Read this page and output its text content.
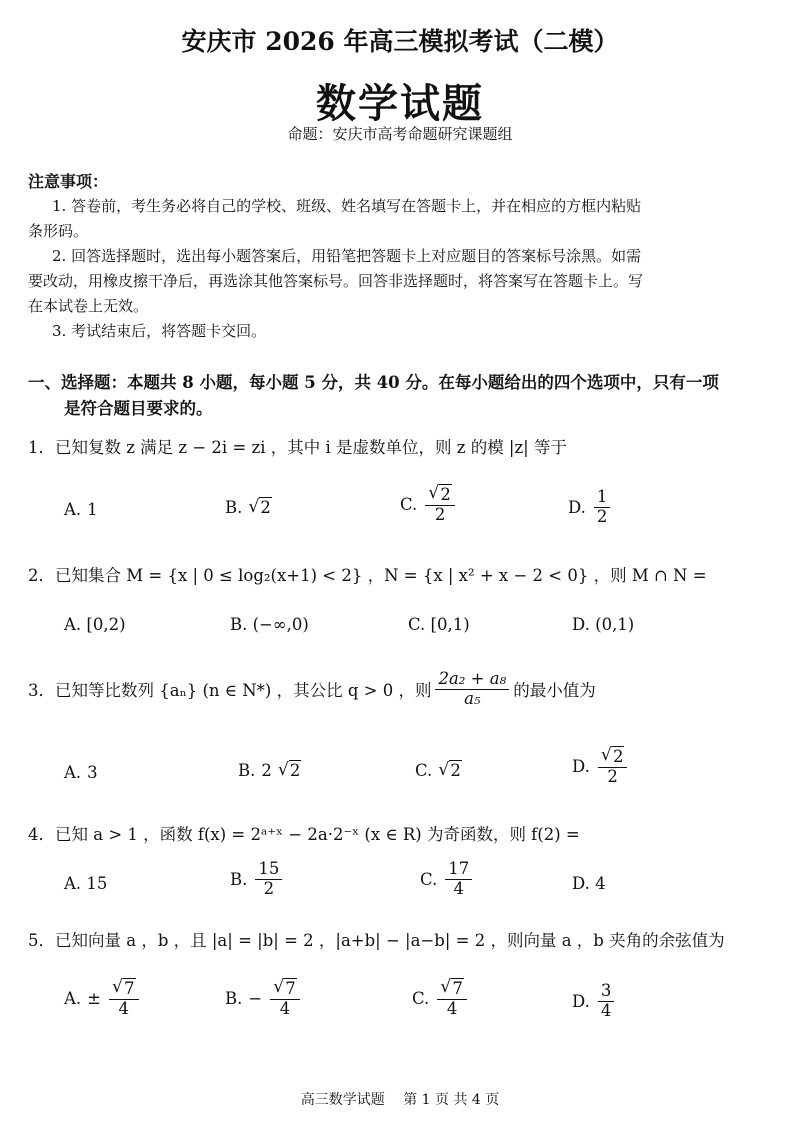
安庆市 2026 年高三模拟考试（二模）
数学试题
命题：安庆市高考命题研究课题组
注意事项：
1. 答卷前，考生务必将自己的学校、班级、姓名填写在答题卡上，并在相应的方框内粘贴
条形码。
2. 回答选择题时，选出每小题答案后，用铅笔把答题卡上对应题目的答案标号涂黑。如需
要改动，用橡皮擦干净后，再选涂其他答案标号。回答非选择题时，将答案写在答题卡上。写
在本试卷上无效。
3. 考试结束后，将答题卡交回。
一、选择题：本题共 8 小题，每小题 5 分，共 40 分。在每小题给出的四个选项中，只有一项
是符合题目要求的。
1．已知复数 z 满足 z − 2i = zi ，其中 i 是虚数单位，则 z 的模 |z| 等于
A. 1	B. √ 2	C. $\frac{√ 2}{2}$	D. $\frac{1}{2}$
2．已知集合 M = {x | 0 ≤ log₂(x+1) < 2} ，N = {x | x² + x − 2 < 0} ，则 M ∩ N =
A. [0,2)	B. (−∞,0)	C. [0,1)	D. (0,1)
3．已知等比数列 {aₙ} (n ∈ N*) ，其公比 q > 0 ，则 $\frac{\text{2a₂ + a₈}}{\text{a₅}}$ 的最小值为
A. 3	B. 2 √ 2	C. √ 2	D. $\frac{√ 2}{2}$
4．已知 a > 1 ，函数 f(x) = 2ᵃ⁺ˣ − 2a·2⁻ˣ (x ∈ R) 为奇函数，则 f(2) =
A. 15	B. $\frac{15}{2}$	C. $\frac{17}{4}$	D. 4
5．已知向量 a ，b ，且 |a| = |b| = 2 ，|a+b| − |a−b| = 2 ，则向量 a ，b 夹角的余弦值为
A. ± $\frac{√ 7}{4}$	B. − $\frac{√ 7}{4}$	C. $\frac{√ 7}{4}$	D. $\frac{3}{4}$
高三数学试题　 第 1 页 共 4 页
